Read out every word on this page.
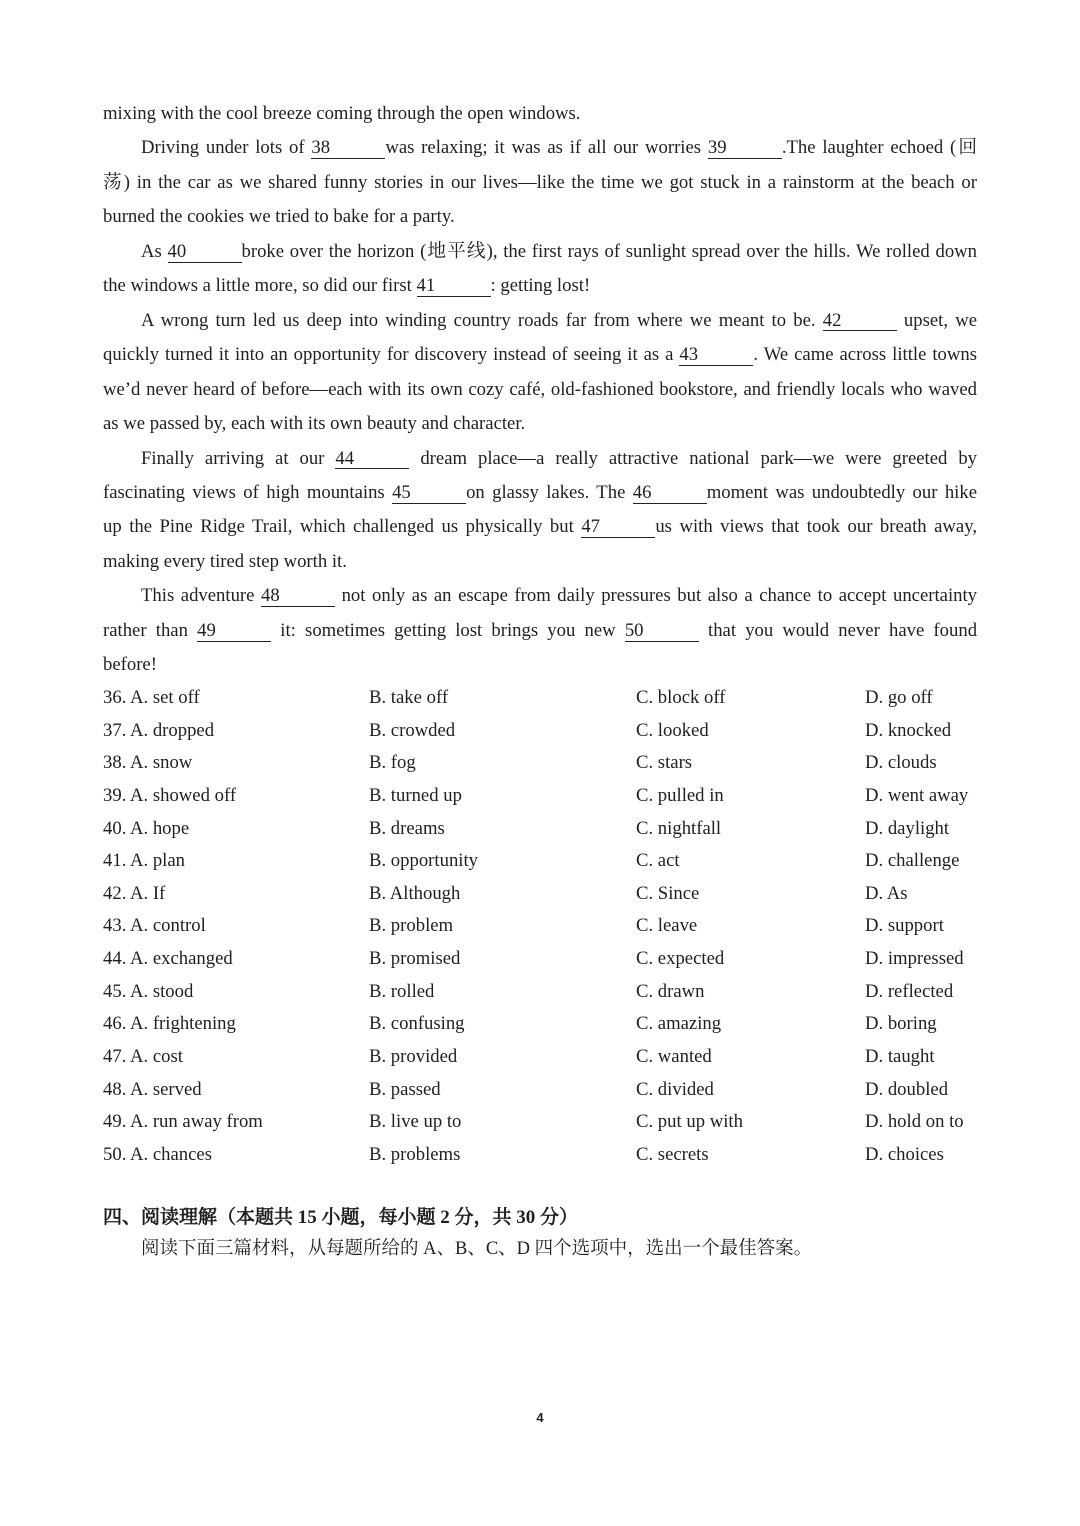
mixing with the cool breeze coming through the open windows.
Driving under lots of 38	was relaxing; it was as if all our worries 39	.The laughter echoed (回
荡) in the car as we shared funny stories in our lives—like the time we got stuck in a rainstorm at the beach or
burned the cookies we tried to bake for a party.
As 40	broke over the horizon (地平线), the first rays of sunlight spread over the hills. We rolled down
the windows a little more, so did our first 41	: getting lost!
A wrong turn led us deep into winding country roads far from where we meant to be. 42	upset, we
quickly turned it into an opportunity for discovery instead of seeing it as a 43	. We came across little towns
we’d never heard of before—each with its own cozy café, old-fashioned bookstore, and friendly locals who waved
as we passed by, each with its own beauty and character.
Finally arriving at our 44	dream place—a really attractive national park—we were greeted by
fascinating views of high mountains 45	on glassy lakes. The 46	moment was undoubtedly our hike
up the Pine Ridge Trail, which challenged us physically but 47	us with views that took our breath away,
making every tired step worth it.
This adventure 48	not only as an escape from daily pressures but also a chance to accept uncertainty
rather than 49	it: sometimes getting lost brings you new 50	that you would never have found
before!
36. A. set off	B. take off	C. block off	D. go off
37. A. dropped	B. crowded	C. looked	D. knocked
38. A. snow	B. fog	C. stars	D. clouds
39. A. showed off	B. turned up	C. pulled in	D. went away
40. A. hope	B. dreams	C. nightfall	D. daylight
41. A. plan	B. opportunity	C. act	D. challenge
42. A. If	B. Although	C. Since	D. As
43. A. control	B. problem	C. leave	D. support
44. A. exchanged	B. promised	C. expected	D. impressed
45. A. stood	B. rolled	C. drawn	D. reflected
46. A. frightening	B. confusing	C. amazing	D. boring
47. A. cost	B. provided	C. wanted	D. taught
48. A. served	B. passed	C. divided	D. doubled
49. A. run away from	B. live up to	C. put up with	D. hold on to
50. A. chances	B. problems	C. secrets	D. choices
四、阅读理解（本题共 15 小题，每小题 2 分，共 30 分）
阅读下面三篇材料，从每题所给的 A、B、C、D 四个选项中，选出一个最佳答案。
4
